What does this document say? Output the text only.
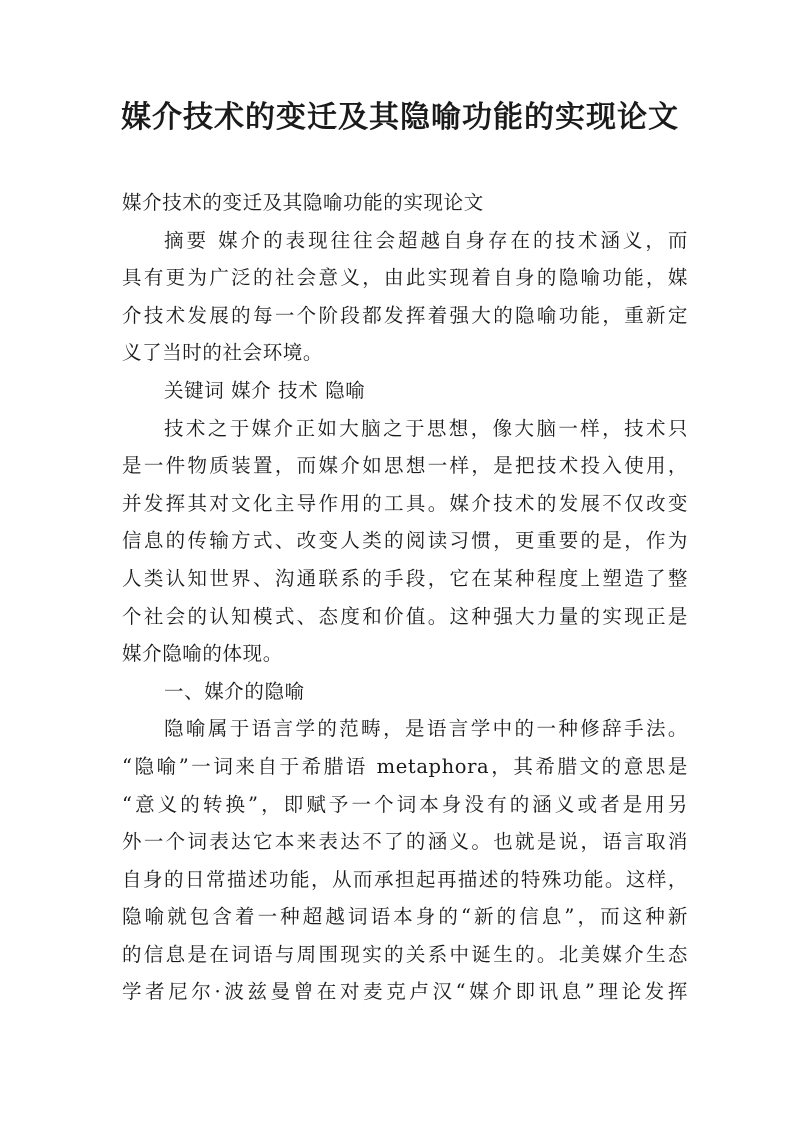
媒介技术的变迁及其隐喻功能的实现论文
媒介技术的变迁及其隐喻功能的实现论文
摘要 媒介的表现往往会超越自身存在的技术涵义，而
具有更为广泛的社会意义，由此实现着自身的隐喻功能，媒
介技术发展的每一个阶段都发挥着强大的隐喻功能，重新定
义了当时的社会环境。
关键词 媒介 技术 隐喻
技术之于媒介正如大脑之于思想，像大脑一样，技术只
是一件物质装置，而媒介如思想一样，是把技术投入使用，
并发挥其对文化主导作用的工具。媒介技术的发展不仅改变
信息的传输方式、改变人类的阅读习惯，更重要的是，作为
人类认知世界、沟通联系的手段，它在某种程度上塑造了整
个社会的认知模式、态度和价值。这种强大力量的实现正是
媒介隐喻的体现。
一、媒介的隐喻
隐喻属于语言学的范畴，是语言学中的一种修辞手法。
“隐喻”一词来自于希腊语 metaphora，其希腊文的意思是
“意义的转换”，即赋予一个词本身没有的涵义或者是用另
外一个词表达它本来表达不了的涵义。也就是说，语言取消
自身的日常描述功能，从而承担起再描述的特殊功能。这样，
隐喻就包含着一种超越词语本身的“新的信息”，而这种新
的信息是在词语与周围现实的关系中诞生的。北美媒介生态
学者尼尔·波兹曼曾在对麦克卢汉“媒介即讯息”理论发挥
